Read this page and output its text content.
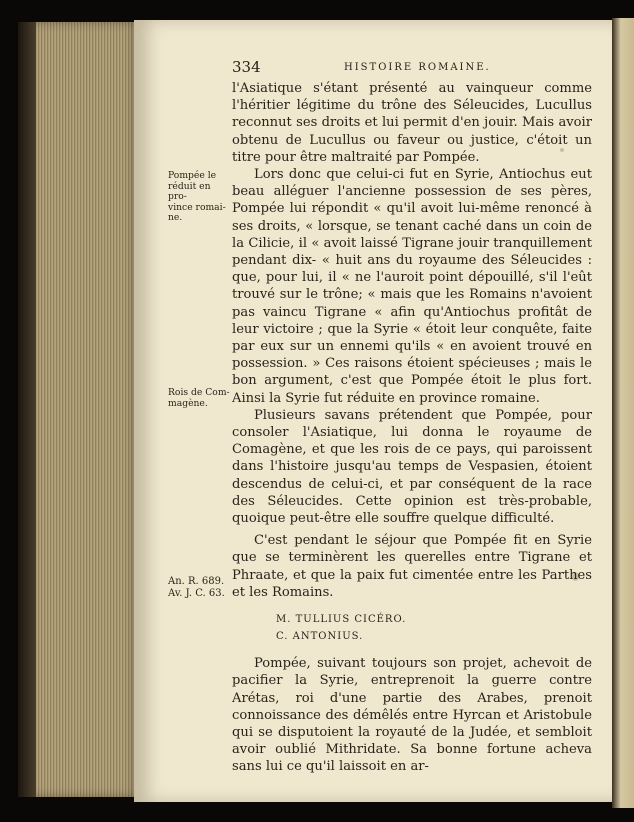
334	HISTOIRE ROMAINE.
Pompée le
réduit en pro-
vince romai-
ne.
Rois de Com-
magène.
An. R. 689.
Av. J. C. 63.

l'Asiatique s'étant présenté au vainqueur comme l'héritier légitime du trône des Séleucides, Lucullus reconnut ses droits et lui permit d'en jouir. Mais avoir obtenu de Lucullus ou faveur ou justice, c'étoit un titre pour être maltraité par Pompée.

Lors donc que celui-ci fut en Syrie, Antiochus eut beau alléguer l'ancienne possession de ses pères, Pompée lui répondit « qu'il avoit lui-même renoncé à ses droits, « lorsque, se tenant caché dans un coin de la Cilicie, il « avoit laissé Tigrane jouir tranquillement pendant dix- « huit ans du royaume des Séleucides : que, pour lui, il « ne l'auroit point dépouillé, s'il l'eût trouvé sur le trône; « mais que les Romains n'avoient pas vaincu Tigrane « afin qu'Antiochus profitât de leur victoire ; que la Syrie « étoit leur conquête, faite par eux sur un ennemi qu'ils « en avoient trouvé en possession. » Ces raisons étoient spécieuses ; mais le bon argument, c'est que Pompée étoit le plus fort. Ainsi la Syrie fut réduite en province romaine.

Plusieurs savans prétendent que Pompée, pour consoler l'Asiatique, lui donna le royaume de Comagène, et que les rois de ce pays, qui paroissent dans l'histoire jusqu'au temps de Vespasien, étoient descendus de celui-ci, et par conséquent de la race des Séleucides. Cette opinion est très-probable, quoique peut-être elle souffre quelque difficulté.

C'est pendant le séjour que Pompée fit en Syrie que se terminèrent les querelles entre Tigrane et Phraate, et que la paix fut cimentée entre les Parthes et les Romains.

M. TULLIUS CICÉRO.
C. ANTONIUS.

Pompée, suivant toujours son projet, achevoit de pacifier la Syrie, entreprenoit la guerre contre Arétas, roi d'une partie des Arabes, prenoit connoissance des démêlés entre Hyrcan et Aristobule qui se disputoient la royauté de la Judée, et sembloit avoir oublié Mithridate. Sa bonne fortune acheva sans lui ce qu'il laissoit en ar-
